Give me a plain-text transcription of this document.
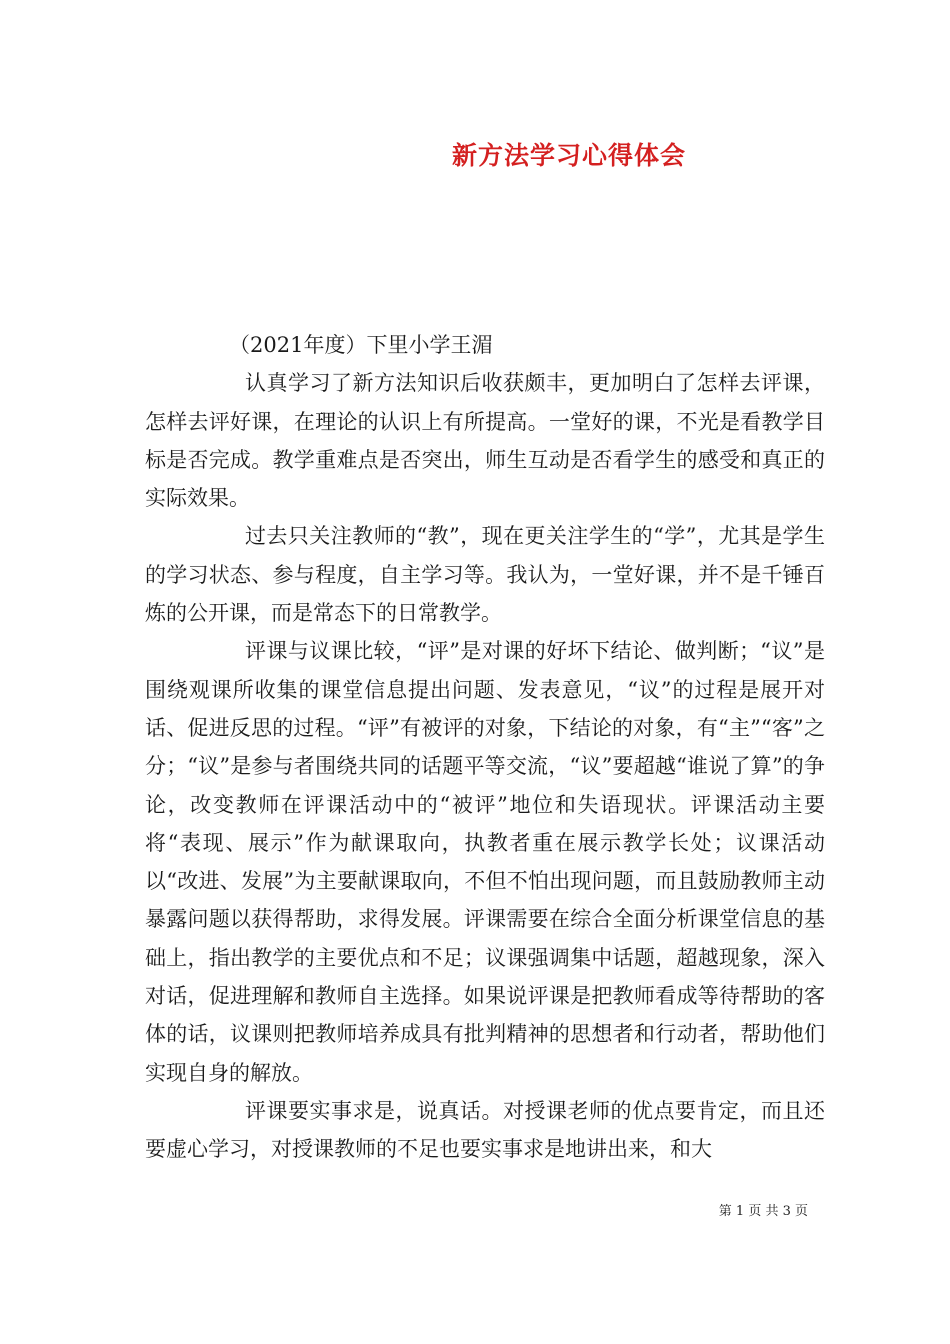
新方法学习心得体会

（2021年度）下里小学王湄

认真学习了新方法知识后收获颇丰，更加明白了怎样去评课，怎样去评好课，在理论的认识上有所提高。一堂好的课，不光是看教学目标是否完成。教学重难点是否突出，师生互动是否看学生的感受和真正的实际效果。

过去只关注教师的“教”，现在更关注学生的“学”，尤其是学生的学习状态、参与程度，自主学习等。我认为，一堂好课，并不是千锤百炼的公开课，而是常态下的日常教学。

评课与议课比较，“评”是对课的好坏下结论、做判断；“议”是围绕观课所收集的课堂信息提出问题、发表意见，“议”的过程是展开对话、促进反思的过程。“评”有被评的对象，下结论的对象，有“主”“客”之分；“议”是参与者围绕共同的话题平等交流，“议”要超越“谁说了算”的争论，改变教师在评课活动中的“被评”地位和失语现状。评课活动主要将“表现、展示”作为献课取向，执教者重在展示教学长处；议课活动以“改进、发展”为主要献课取向，不但不怕出现问题，而且鼓励教师主动暴露问题以获得帮助，求得发展。评课需要在综合全面分析课堂信息的基础上，指出教学的主要优点和不足；议课强调集中话题，超越现象，深入对话，促进理解和教师自主选择。如果说评课是把教师看成等待帮助的客体的话，议课则把教师培养成具有批判精神的思想者和行动者，帮助他们实现自身的解放。

评课要实事求是，说真话。对授课老师的优点要肯定，而且还要虚心学习，对授课教师的不足也要实事求是地讲出来，和大

第 1 页 共 3 页
